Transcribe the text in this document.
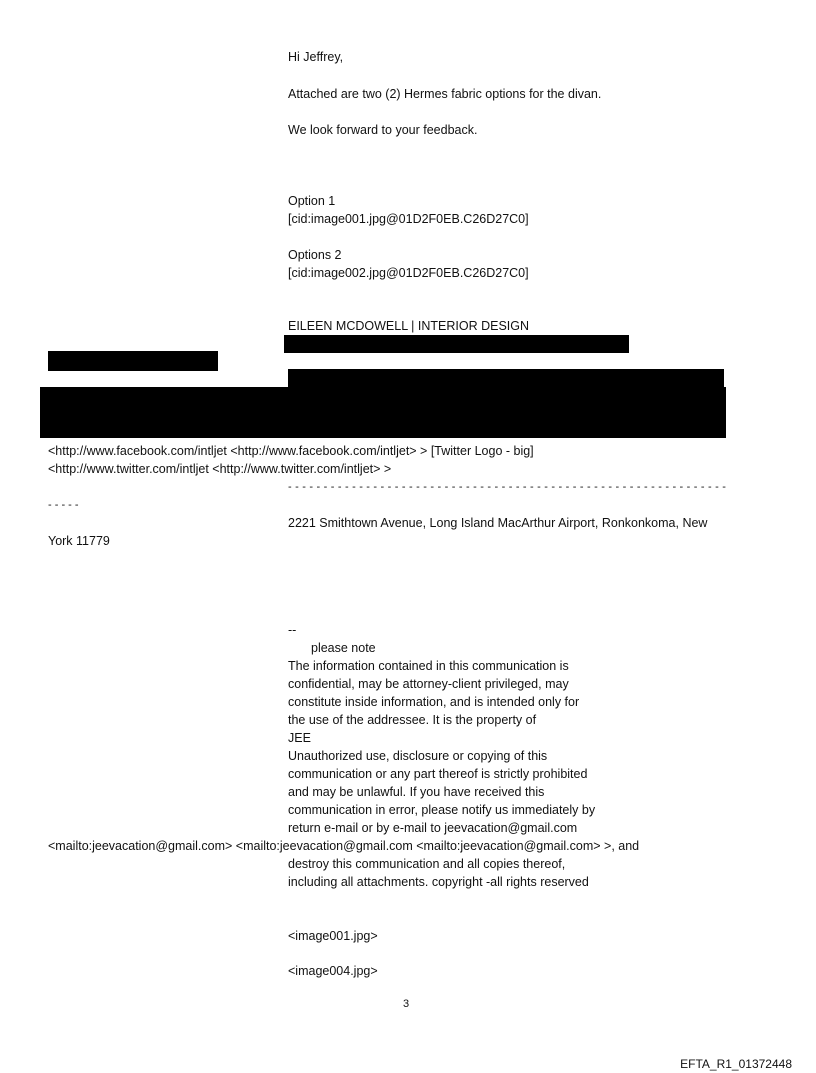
Hi Jeffrey,
Attached are two (2) Hermes fabric options for the divan.
We look forward to your feedback.
Option 1
[cid:image001.jpg@01D2F0EB.C26D27C0]
Options 2
[cid:image002.jpg@01D2F0EB.C26D27C0]
EILEEN MCDOWELL | INTERIOR DESIGN
<http://www.facebook.com/intljet <http://www.facebook.com/intljet> > [Twitter Logo - big]
<http://www.twitter.com/intljet <http://www.twitter.com/intljet> >
- - - - - - - - - - - - - - - - - - - - - - - - - - - - - - - - - - - - - - - - - - - - - - - - - - - - - - - - - - - - - -
- - - - -
2221 Smithtown Avenue, Long Island MacArthur Airport, Ronkonkoma, New
York 11779
--
please note
The information contained in this communication is
confidential, may be attorney-client privileged, may
constitute inside information, and is intended only for
the use of the addressee. It is the property of
JEE
Unauthorized use, disclosure or copying of this
communication or any part thereof is strictly prohibited
and may be unlawful. If you have received this
communication in error, please notify us immediately by
return e-mail or by e-mail to jeevacation@gmail.com
<mailto:jeevacation@gmail.com> <mailto:jeevacation@gmail.com <mailto:jeevacation@gmail.com> >, and
destroy this communication and all copies thereof,
including all attachments. copyright -all rights reserved
<image001.jpg>
<image004.jpg>
3
EFTA_R1_01372448
